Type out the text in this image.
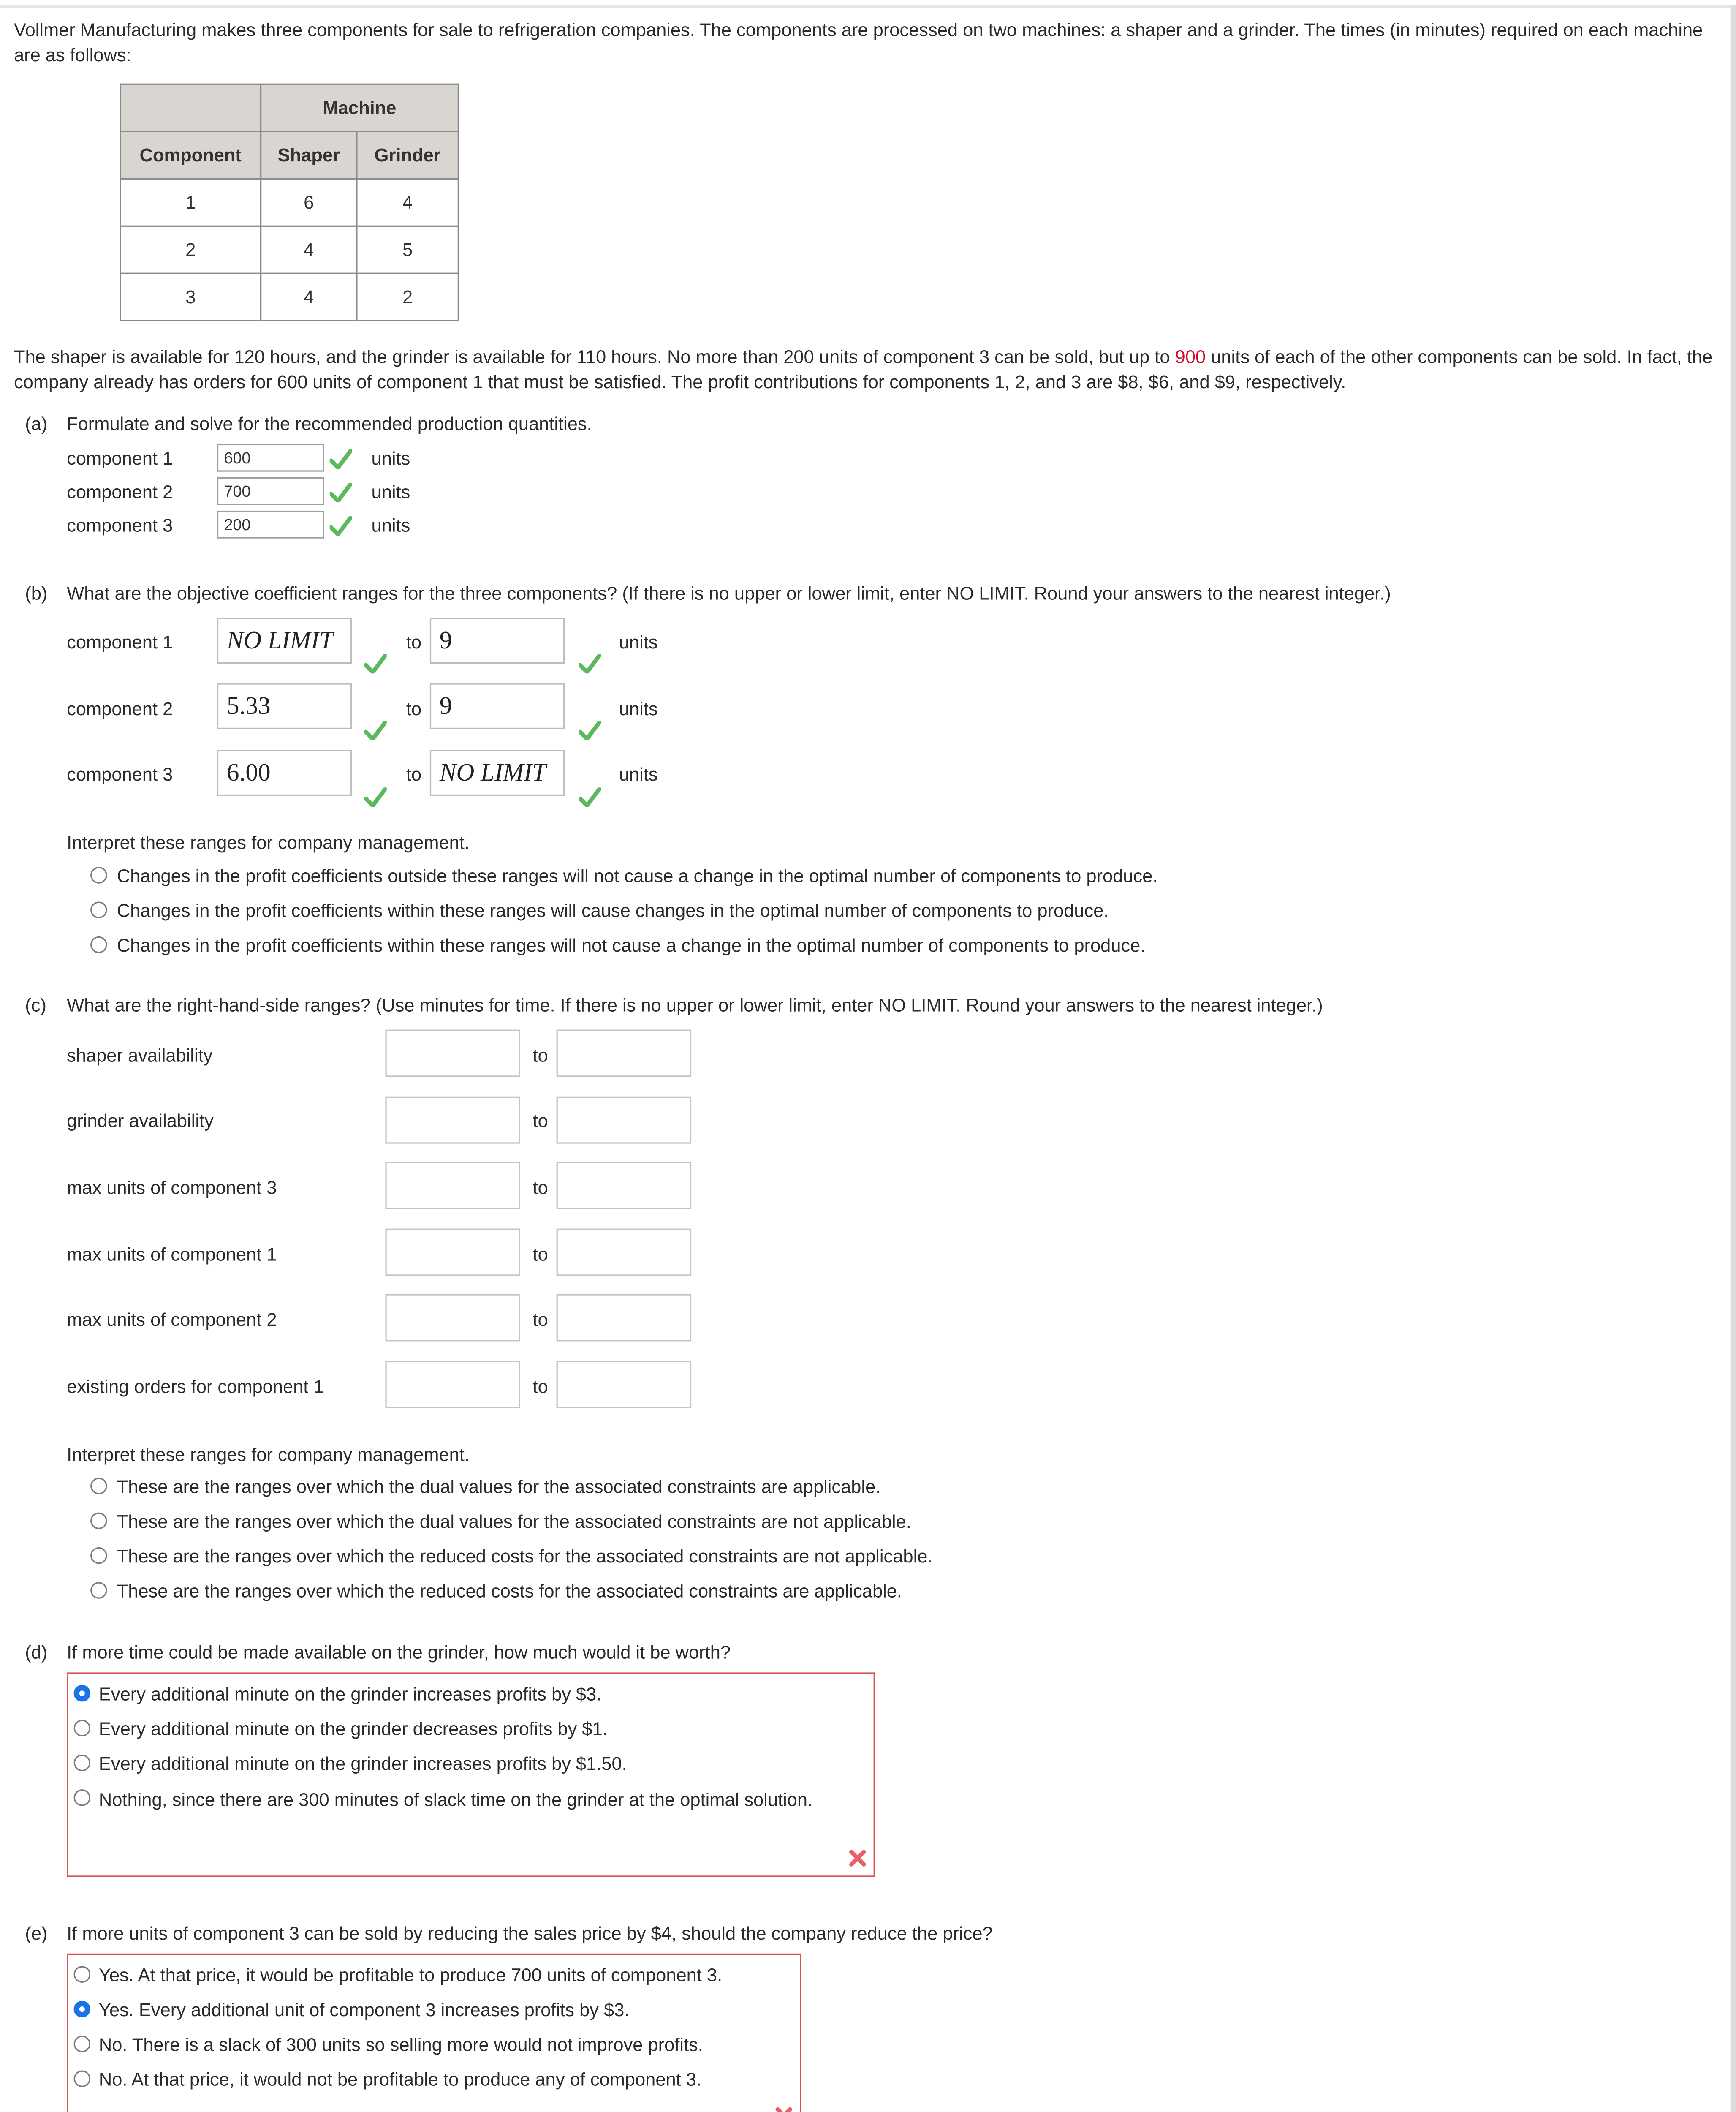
Vollmer Manufacturing makes three components for sale to refrigeration companies. The components are processed on two machines: a shaper and a grinder. The times (in minutes) required on each machine are as follows:
	Machine	
Component	Shaper	Grinder
1	6	4
2	4	5
3	4	2
The shaper is available for 120 hours, and the grinder is available for 110 hours. No more than 200 units of component 3 can be sold, but up to 900 units of each of the other components can be sold. In fact, the company already has orders for 600 units of component 1 that must be satisfied. The profit contributions for components 1, 2, and 3 are $8, $6, and $9, respectively.
(a)	Formulate and solve for the recommended production quantities.
component 1	600	units
component 2	700	units
component 3	200	units
(b)	What are the objective coefficient ranges for the three components? (If there is no upper or lower limit, enter NO LIMIT. Round your answers to the nearest integer.)
component 1	NO LIMIT	to	9	units
component 2	5.33	to	9	units
component 3	6.00	to	NO LIMIT	units
Interpret these ranges for company management.
Changes in the profit coefficients outside these ranges will not cause a change in the optimal number of components to produce.
Changes in the profit coefficients within these ranges will cause changes in the optimal number of components to produce.
Changes in the profit coefficients within these ranges will not cause a change in the optimal number of components to produce.
(c)	What are the right-hand-side ranges? (Use minutes for time. If there is no upper or lower limit, enter NO LIMIT. Round your answers to the nearest integer.)
shaper availability	to
grinder availability	to
max units of component 3	to
max units of component 1	to
max units of component 2	to
existing orders for component 1	to
Interpret these ranges for company management.
These are the ranges over which the dual values for the associated constraints are applicable.
These are the ranges over which the dual values for the associated constraints are not applicable.
These are the ranges over which the reduced costs for the associated constraints are not applicable.
These are the ranges over which the reduced costs for the associated constraints are applicable.
(d)	If more time could be made available on the grinder, how much would it be worth?
Every additional minute on the grinder increases profits by $3.
Every additional minute on the grinder decreases profits by $1.
Every additional minute on the grinder increases profits by $1.50.
Nothing, since there are 300 minutes of slack time on the grinder at the optimal solution.
(e)	If more units of component 3 can be sold by reducing the sales price by $4, should the company reduce the price?
Yes. At that price, it would be profitable to produce 700 units of component 3.
Yes. Every additional unit of component 3 increases profits by $3.
No. There is a slack of 300 units so selling more would not improve profits.
No. At that price, it would not be profitable to produce any of component 3.
